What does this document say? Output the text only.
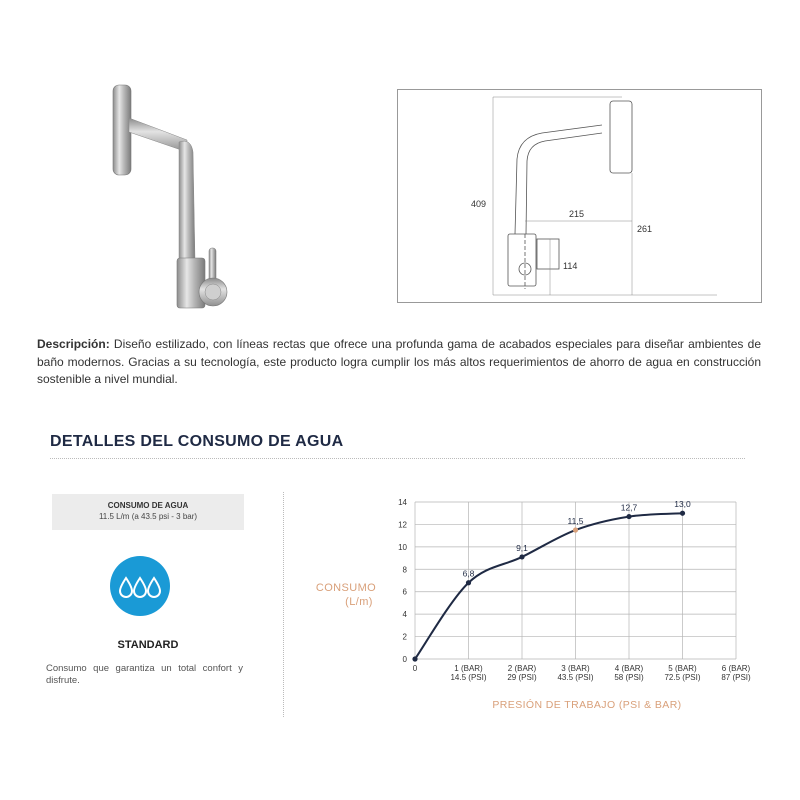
409
215
261
114
Descripción: Diseño estilizado, con líneas rectas que ofrece una profunda gama de acabados especiales para diseñar ambientes de baño modernos. Gracias a su tecnología, este producto logra cumplir los más altos requerimientos de ahorro de agua en construcción sostenible a nivel mundial.
DETALLES DEL CONSUMO DE AGUA
CONSUMO DE AGUA
11.5 L/m (a 43.5 psi - 3 bar)
STANDARD
Consumo que garantiza un total confort y disfrute.
0
2
4
6
8
10
12
14
0	1 (BAR)
14.5 (PSI)
2 (BAR)
29 (PSI)
3 (BAR)
43.5 (PSI)
4 (BAR)
58 (PSI)
5 (BAR)
72.5 (PSI)
6 (BAR)
87 (PSI)
6,8
9,1
11,5
12,7	13,0
CONSUMO
(L/m)
PRESIÓN DE TRABAJO (PSI & BAR)
